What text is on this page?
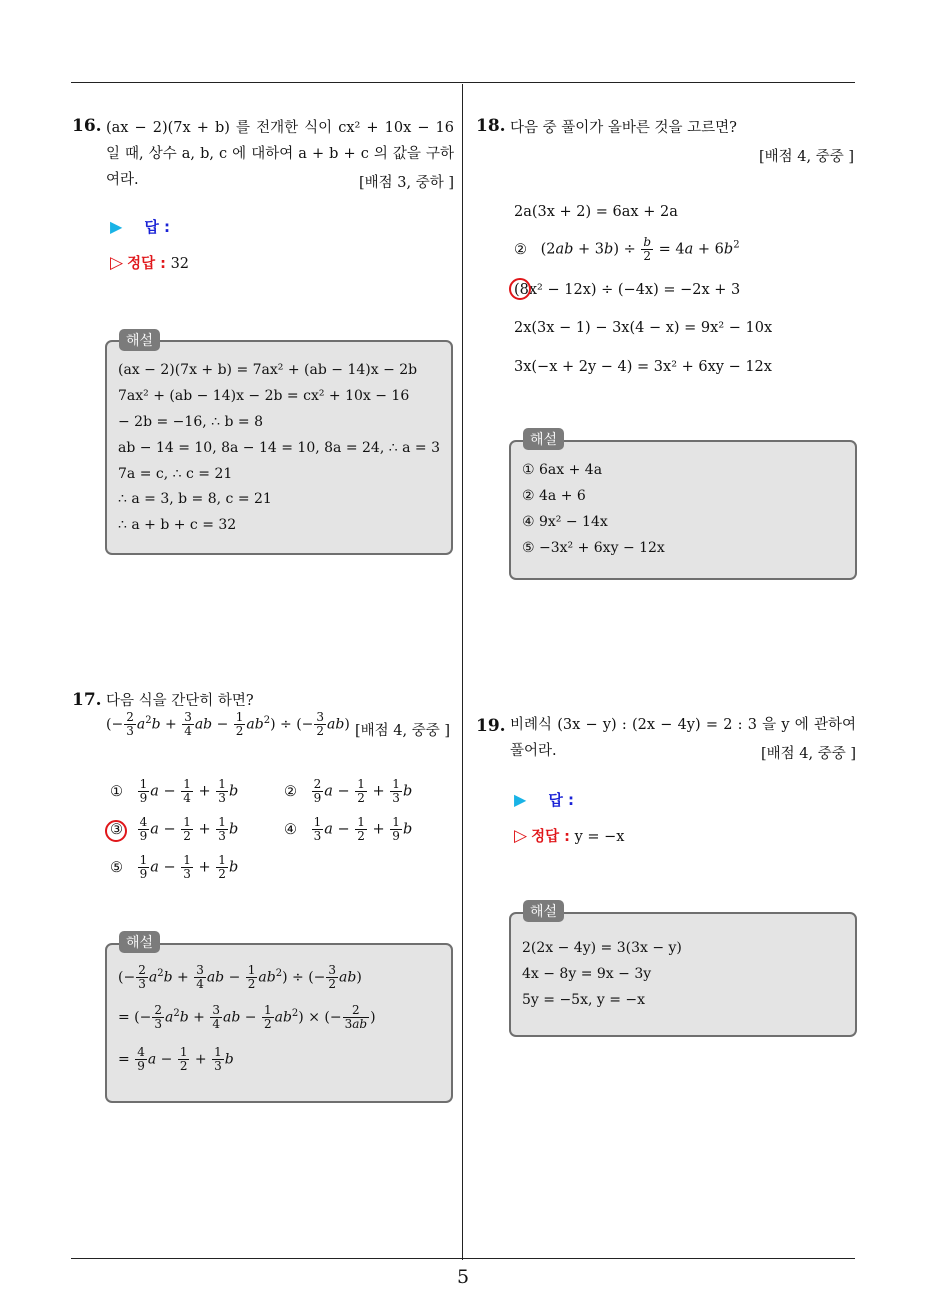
5
16. (ax − 2)(7x + b) 를 전개한 식이 cx² + 10x − 16 일 때, 상수 a, b, c 에 대하여 a + b + c 의 값을 구하여라.	[배점 3, 중하 ]
▶ 답 :
▷ 정답 : 32
해설
(ax − 2)(7x + b) = 7ax² + (ab − 14)x − 2b
7ax² + (ab − 14)x − 2b = cx² + 10x − 16
− 2b = −16, ∴ b = 8
ab − 14 = 10, 8a − 14 = 10, 8a = 24, ∴ a = 3
7a = c, ∴ c = 21
∴ a = 3, b = 8, c = 21
∴ a + b + c = 32
17. 다음 식을 간단히 하면?
(− $\frac{2}{3} a^2b + \frac{3}{4}$ ab − $\frac{1}{2} ab^2$) ÷ (− $\frac{3}{2} ab$) [배점 4, 중중 ]
① $\frac{1}{9}$ $a - \frac{1}{4} + \frac{1}{3}$ b	② $\frac{2}{9}$ $a - \frac{1}{2} + \frac{1}{3}$ b
③ $\frac{4}{9}$ $a - \frac{1}{2} + \frac{1}{3}$ b	④ $\frac{1}{3}$ $a - \frac{1}{2} + \frac{1}{9}$ b
⑤ $\frac{1}{9}$ $a - \frac{1}{3} + \frac{1}{2}$ b
해설
(− $\frac{2}{3} a^2b + \frac{3}{4}$ ab − $\frac{1}{2} ab^2$) ÷ (− $\frac{3}{2} ab$)
= (− $\frac{2}{3} a^2b + \frac{3}{4}$ ab − $\frac{1}{2} ab^2$) × (− $\frac{2}{3ab}$ )
= $\frac{4}{9}$ $a - \frac{1}{2} + \frac{1}{3}$ b
18. 다음 중 풀이가 올바른 것을 고르면?
[배점 4, 중중 ]
2a(3x + 2) = 6ax + 2a
② $(2ab + 3b) \div \frac{b}{2} = 4a + 6b^2$
(8x² − 12x) ÷ (−4x) = −2x + 3
2x(3x − 1) − 3x(4 − x) = 9x² − 10x
3x(−x + 2y − 4) = 3x² + 6xy − 12x
해설
① 6ax + 4a
② 4a + 6
④ 9x² − 14x
⑤ −3x² + 6xy − 12x
19. 비례식 (3x − y) : (2x − 4y) = 2 : 3 을 y 에 관하여 풀어라.	[배점 4, 중중 ]
▶ 답 :
▷ 정답 : y = −x
해설
2(2x − 4y) = 3(3x − y)
4x − 8y = 9x − 3y
5y = −5x, y = −x
